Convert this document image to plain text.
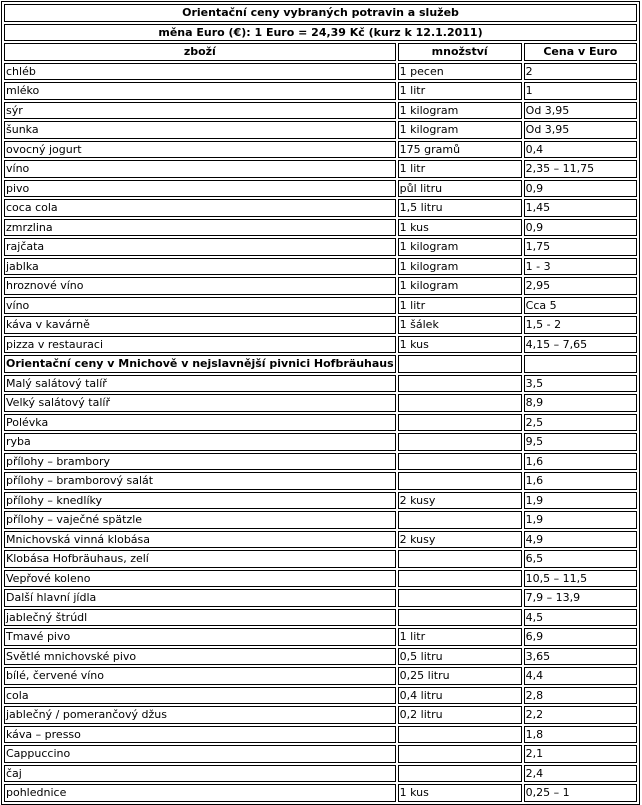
Orientační ceny vybraných potravin a služeb		
měna Euro (€): 1 Euro = 24,39 Kč (kurz k 12.1.2011)		
zboží	množství	Cena v Euro
chléb	1 pecen	2
mléko	1 litr	1
sýr	1 kilogram	Od 3,95
šunka	1 kilogram	Od 3,95
ovocný jogurt	175 gramů	0,4
víno	1 litr	2,35 – 11,75
pivo	půl litru	0,9
coca cola	1,5 litru	1,45
zmrzlina	1 kus	0,9
rajčata	1 kilogram	1,75
jablka	1 kilogram	1 - 3
hroznové víno	1 kilogram	2,95
víno	1 litr	Cca 5
káva v kavárně	1 šálek	1,5 - 2
pizza v restauraci	1 kus	4,15 – 7,65
Orientační ceny v Mnichově v nejslavnější pivnici Hofbräuhaus		
Malý salátový talíř		3,5
Velký salátový talíř		8,9
Polévka		2,5
ryba		9,5
přílohy – brambory		1,6
přílohy – bramborový salát		1,6
přílohy – knedlíky	2 kusy	1,9
přílohy – vaječné spätzle		1,9
Mnichovská vinná klobása	2 kusy	4,9
Klobása Hofbräuhaus, zelí		6,5
Vepřové koleno		10,5 – 11,5
Další hlavní jídla		7,9 – 13,9
jablečný štrúdl		4,5
Tmavé pivo	1 litr	6,9
Světlé mnichovské pivo	0,5 litru	3,65
bílé, červené víno	0,25 litru	4,4
cola	0,4 litru	2,8
jablečný / pomerančový džus	0,2 litru	2,2
káva – presso		1,8
Cappuccino		2,1
čaj		2,4
pohlednice	1 kus	0,25 – 1
